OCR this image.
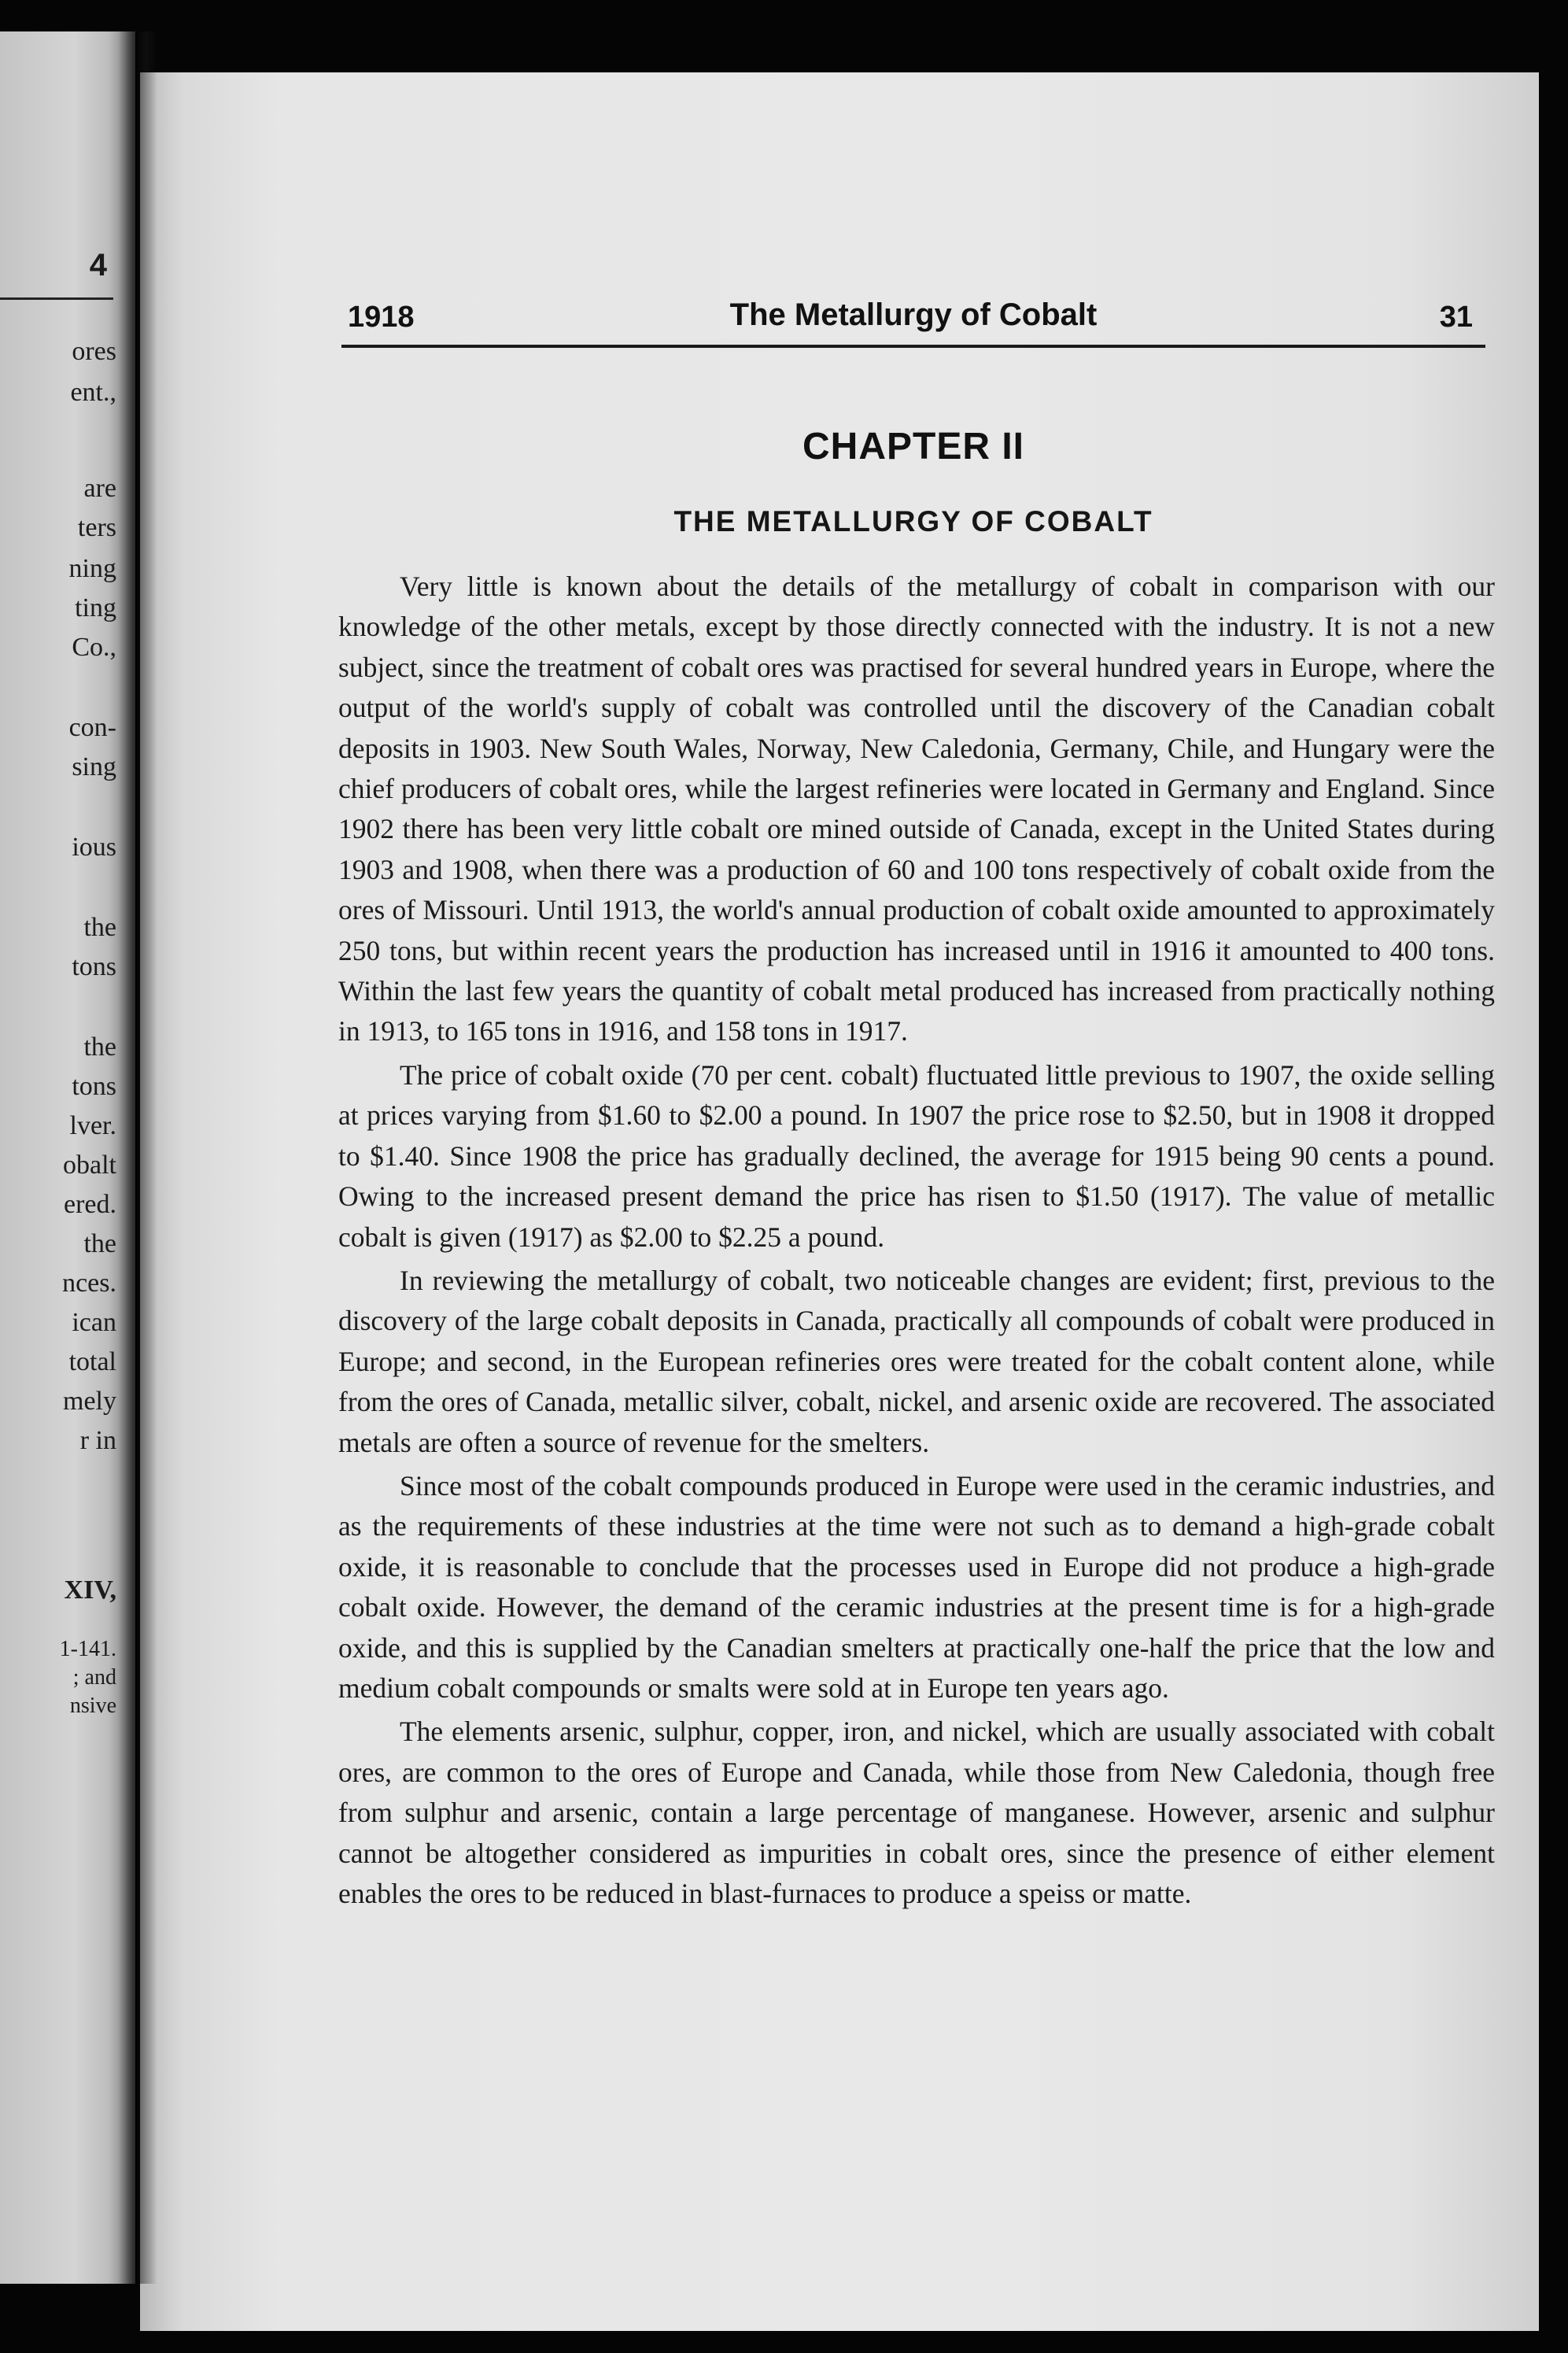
4
ores
ent.,
are
ters
ning
ting
Co.,
con-
sing
ious
the
tons
the
tons
lver.
obalt
ered.
the
nces.
ican
total
mely
r in
XIV,
1-141.
; and
nsive
1918	The Metallurgy of Cobalt	31
CHAPTER II
THE METALLURGY OF COBALT

Very little is known about the details of the metallurgy of cobalt in comparison with our knowledge of the other metals, except by those directly connected with the industry. It is not a new subject, since the treatment of cobalt ores was practised for several hundred years in Europe, where the output of the world's supply of cobalt was controlled until the discovery of the Canadian cobalt deposits in 1903. New South Wales, Norway, New Caledonia, Germany, Chile, and Hungary were the chief producers of cobalt ores, while the largest refineries were located in Germany and England. Since 1902 there has been very little cobalt ore mined outside of Canada, except in the United States during 1903 and 1908, when there was a production of 60 and 100 tons respectively of cobalt oxide from the ores of Missouri. Until 1913, the world's annual production of cobalt oxide amounted to approximately 250 tons, but within recent years the production has increased until in 1916 it amounted to 400 tons. Within the last few years the quantity of cobalt metal produced has increased from practically nothing in 1913, to 165 tons in 1916, and 158 tons in 1917.

The price of cobalt oxide (70 per cent. cobalt) fluctuated little previous to 1907, the oxide selling at prices varying from $1.60 to $2.00 a pound. In 1907 the price rose to $2.50, but in 1908 it dropped to $1.40. Since 1908 the price has gradually declined, the average for 1915 being 90 cents a pound. Owing to the increased present demand the price has risen to $1.50 (1917). The value of metallic cobalt is given (1917) as $2.00 to $2.25 a pound.

In reviewing the metallurgy of cobalt, two noticeable changes are evident; first, previous to the discovery of the large cobalt deposits in Canada, practically all compounds of cobalt were produced in Europe; and second, in the European refineries ores were treated for the cobalt content alone, while from the ores of Canada, metallic silver, cobalt, nickel, and arsenic oxide are recovered. The associated metals are often a source of revenue for the smelters.

Since most of the cobalt compounds produced in Europe were used in the ceramic industries, and as the requirements of these industries at the time were not such as to demand a high-grade cobalt oxide, it is reasonable to conclude that the processes used in Europe did not produce a high-grade cobalt oxide. However, the demand of the ceramic industries at the present time is for a high-grade oxide, and this is supplied by the Canadian smelters at practically one-half the price that the low and medium cobalt compounds or smalts were sold at in Europe ten years ago.

The elements arsenic, sulphur, copper, iron, and nickel, which are usually associated with cobalt ores, are common to the ores of Europe and Canada, while those from New Caledonia, though free from sulphur and arsenic, contain a large percentage of manganese. However, arsenic and sulphur cannot be altogether considered as impurities in cobalt ores, since the presence of either element enables the ores to be reduced in blast-furnaces to produce a speiss or matte.
